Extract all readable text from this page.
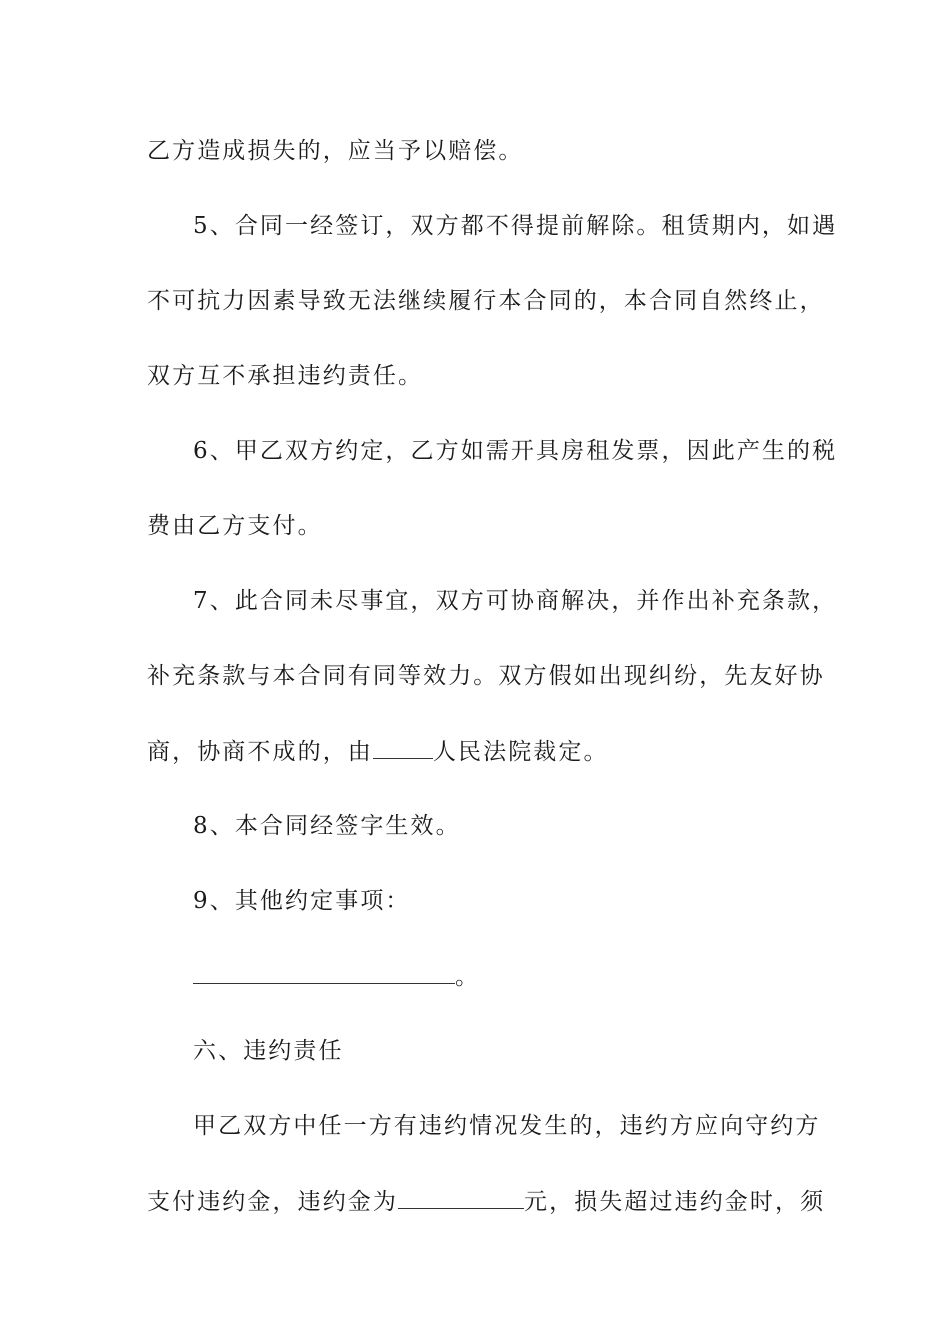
乙方造成损失的，应当予以赔偿。
5、合同一经签订，双方都不得提前解除。租赁期内，如遇
不可抗力因素导致无法继续履行本合同的，本合同自然终止，
双方互不承担违约责任。
6、甲乙双方约定，乙方如需开具房租发票，因此产生的税
费由乙方支付。
7、此合同未尽事宜，双方可协商解决，并作出补充条款，
补充条款与本合同有同等效力。双方假如出现纠纷，先友好协
商，协商不成的，由	人民法院裁定。
8、本合同经签字生效。
9、其他约定事项：
。
六、违约责任
甲乙双方中任一方有违约情况发生的，违约方应向守约方
支付违约金，违约金为	元，损失超过违约金时，须
